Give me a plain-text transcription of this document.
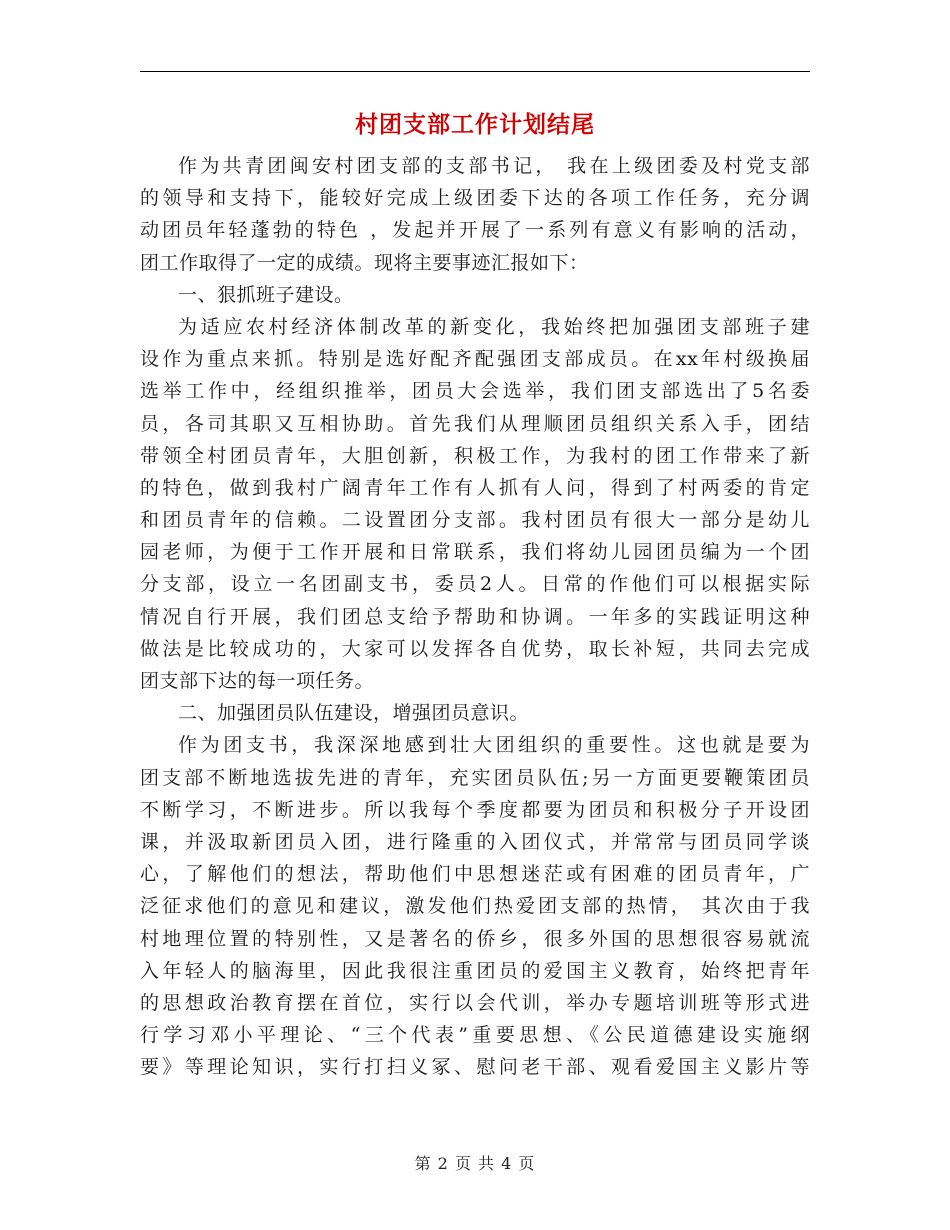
村团支部工作计划结尾
作为共青团闽安村团支部的支部书记， 我在上级团委及村党支部
的领导和支持下，能较好完成上级团委下达的各项工作任务，充分调
动团员年轻蓬勃的特色 ，发起并开展了一系列有意义有影响的活动，
团工作取得了一定的成绩。现将主要事迹汇报如下：
一、狠抓班子建设。
为适应农村经济体制改革的新变化，我始终把加强团支部班子建
设作为重点来抓。特别是选好配齐配强团支部成员。在xx年村级换届
选举工作中，经组织推举，团员大会选举，我们团支部选出了5名委
员，各司其职又互相协助。首先我们从理顺团员组织关系入手，团结
带领全村团员青年，大胆创新，积极工作，为我村的团工作带来了新
的特色，做到我村广阔青年工作有人抓有人问，得到了村两委的肯定
和团员青年的信赖。二设置团分支部。我村团员有很大一部分是幼儿
园老师，为便于工作开展和日常联系，我们将幼儿园团员编为一个团
分支部，设立一名团副支书，委员2人。日常的作他们可以根据实际
情况自行开展，我们团总支给予帮助和协调。一年多的实践证明这种
做法是比较成功的，大家可以发挥各自优势，取长补短，共同去完成
团支部下达的每一项任务。
二、加强团员队伍建设，增强团员意识。
作为团支书，我深深地感到壮大团组织的重要性。这也就是要为
团支部不断地选拔先进的青年，充实团员队伍;另一方面更要鞭策团员
不断学习，不断进步。所以我每个季度都要为团员和积极分子开设团
课，并汲取新团员入团，进行隆重的入团仪式，并常常与团员同学谈
心，了解他们的想法，帮助他们中思想迷茫或有困难的团员青年，广
泛征求他们的意见和建议，激发他们热爱团支部的热情， 其次由于我
村地理位置的特别性，又是著名的侨乡，很多外国的思想很容易就流
入年轻人的脑海里，因此我很注重团员的爱国主义教育，始终把青年
的思想政治教育摆在首位，实行以会代训，举办专题培训班等形式进
行学习邓小平理论、“三个代表”重要思想、《公民道德建设实施纲
要》等理论知识，实行打扫义冢、慰问老干部、观看爱国主义影片等
第 2 页 共 4 页
